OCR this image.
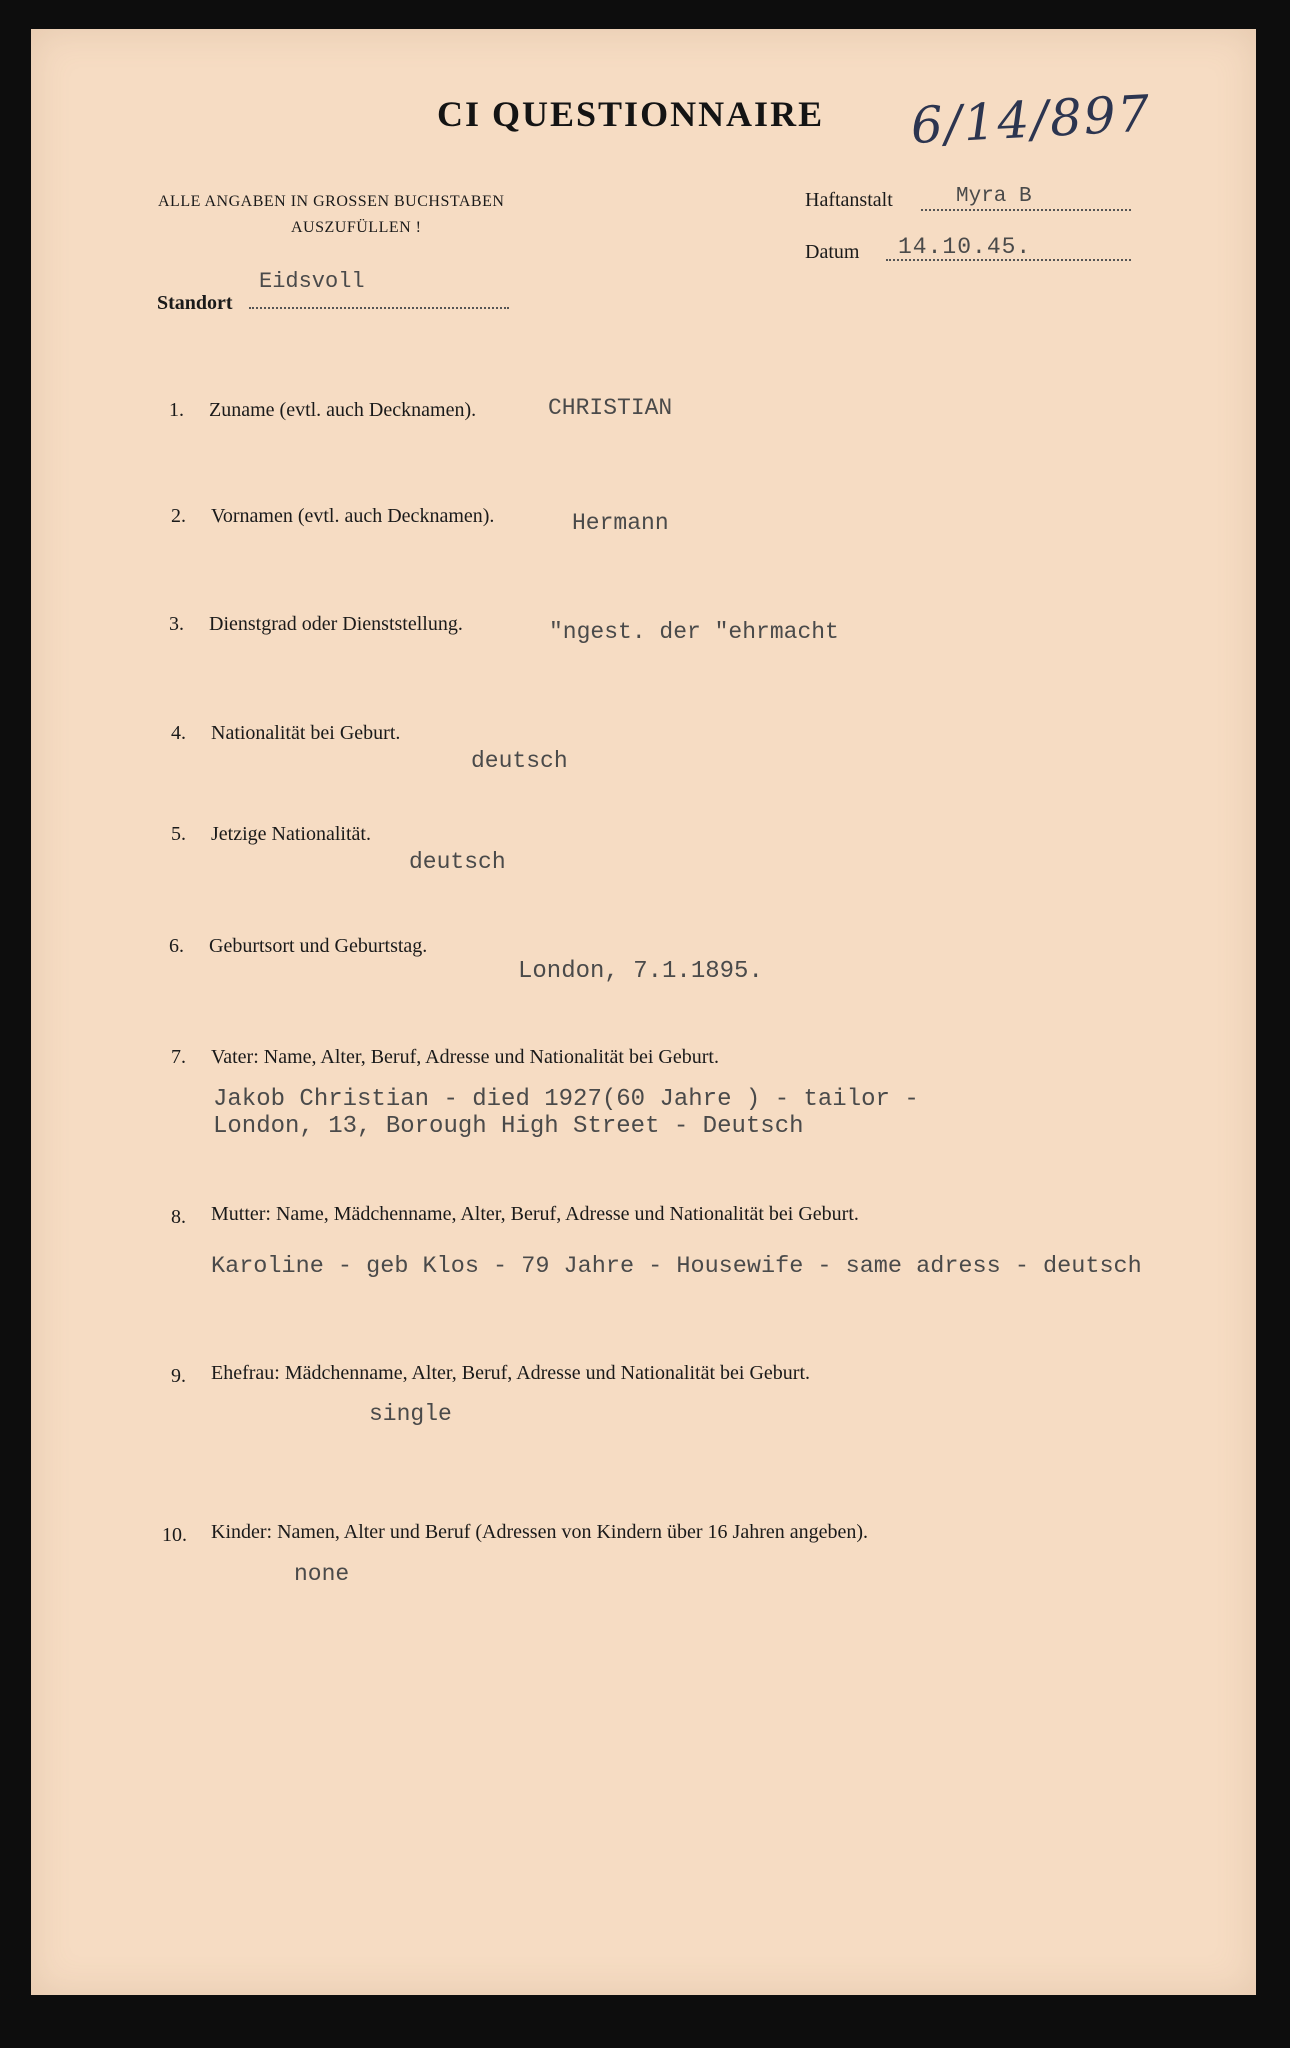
CI QUESTIONNAIRE 6/14/897
ALLE ANGABEN IN GROSSEN BUCHSTABEN
AUSZUFÜLLEN !
Haftanstalt	Myra B
Datum 14.10.45.
Eidsvoll
Standort
1. Zuname (evtl. auch Decknamen).	CHRISTIAN
2. Vornamen (evtl. auch Decknamen).	Hermann
3. Dienstgrad oder Dienststellung.	"ngest. der "ehrmacht
4. Nationalität bei Geburt.
deutsch
5. Jetzige Nationalität.
deutsch
6. Geburtsort und Geburtstag.
London, 7.1.1895.
7. Vater: Name, Alter, Beruf, Adresse und Nationalität bei Geburt.
Jakob Christian - died 1927(60 Jahre ) - tailor -
London, 13, Borough High Street - Deutsch
8. Mutter: Name, Mädchenname, Alter, Beruf, Adresse und Nationalität bei Geburt.
Karoline - geb Klos - 79 Jahre - Housewife - same adress - deutsch
9. Ehefrau: Mädchenname, Alter, Beruf, Adresse und Nationalität bei Geburt.
single
10. Kinder: Namen, Alter und Beruf (Adressen von Kindern über 16 Jahren angeben).
none
